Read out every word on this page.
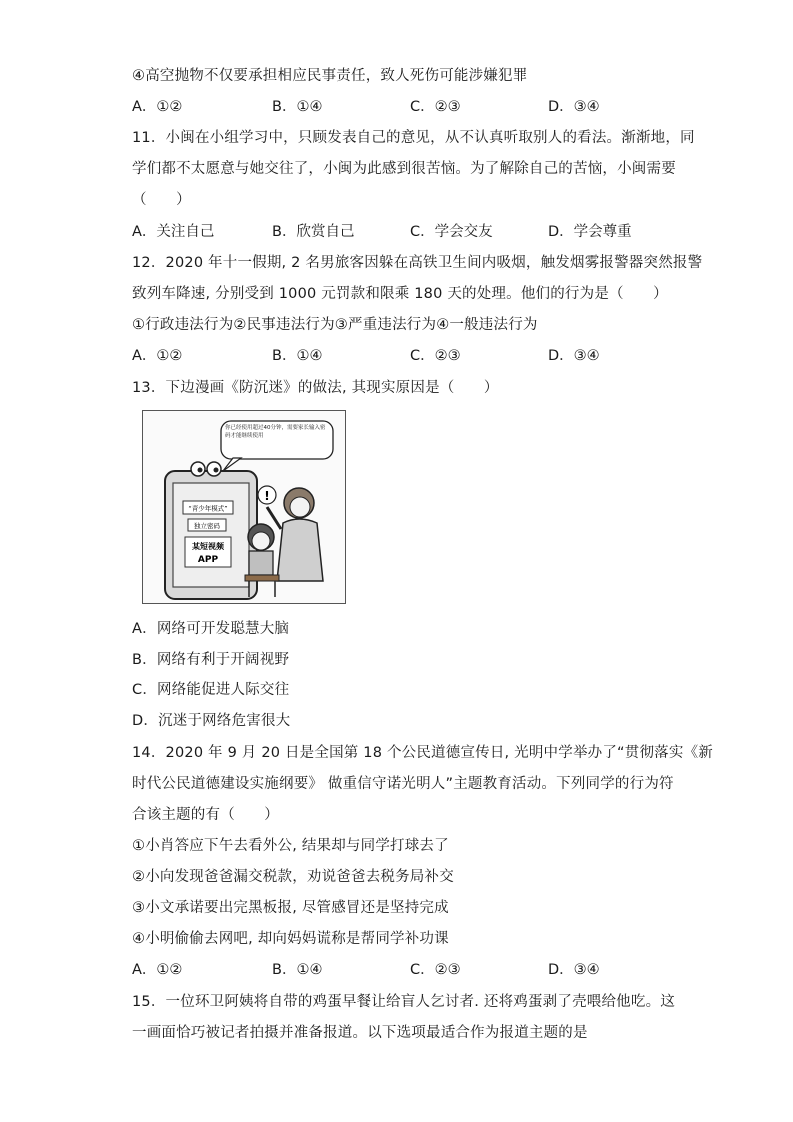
④高空抛物不仅要承担相应民事责任，致人死伤可能涉嫌犯罪
A．①②	B．①④	C．②③	D．③④
11．小闽在小组学习中，只顾发表自己的意见，从不认真听取别人的看法。渐渐地，同
学们都不太愿意与她交往了，小闽为此感到很苦恼。为了解除自己的苦恼，小闽需要
（　　）
A．关注自己	B．欣赏自己	C．学会交友	D．学会尊重
12．2020 年十一假期, 2 名男旅客因躲在高铁卫生间内吸烟，触发烟雾报警器突然报警
致列车降速, 分别受到 1000 元罚款和限乘 180 天的处理。他们的行为是（　　）
①行政违法行为②民事违法行为③严重违法行为④一般违法行为
A．①②	B．①④	C．②③	D．③④
13．下边漫画《防沉迷》的做法, 其现实原因是（　　）
你已经使用超过40分钟，需要家长输入密码才能继续使用
“青少年模式”
独立密码
某短视频
APP
!
A．网络可开发聪慧大脑
B．网络有利于开阔视野
C．网络能促进人际交往
D．沉迷于网络危害很大
14．2020 年 9 月 20 日是全国第 18 个公民道德宣传日, 光明中学举办了“贯彻落实《新
时代公民道德建设实施纲要》 做重信守诺光明人”主题教育活动。下列同学的行为符
合该主题的有（　　）
①小肖答应下午去看外公, 结果却与同学打球去了
②小向发现爸爸漏交税款，劝说爸爸去税务局补交
③小文承诺要出完黑板报, 尽管感冒还是坚持完成
④小明偷偷去网吧, 却向妈妈谎称是帮同学补功课
A．①②	B．①④	C．②③	D．③④
15．一位环卫阿姨将自带的鸡蛋早餐让给盲人乞讨者. 还将鸡蛋剥了壳喂给他吃。这
一画面恰巧被记者拍摄并准备报道。以下选项最适合作为报道主题的是
